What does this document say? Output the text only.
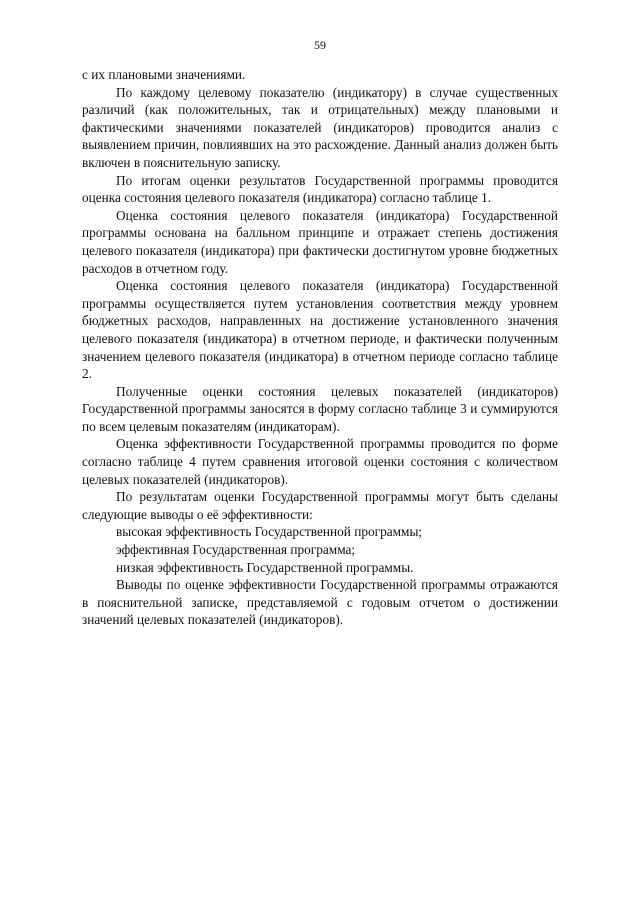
59

с их плановыми значениями.

По каждому целевому показателю (индикатору) в случае существенных различий (как положительных, так и отрицательных) между плановыми и фактическими значениями показателей (индикаторов) проводится анализ с выявлением причин, повлиявших на это расхождение. Данный анализ должен быть включен в пояснительную записку.

По итогам оценки результатов Государственной программы проводится оценка состояния целевого показателя (индикатора) согласно таблице 1.

Оценка состояния целевого показателя (индикатора) Государственной программы основана на балльном принципе и отражает степень достижения целевого показателя (индикатора) при фактически достигнутом уровне бюджетных расходов в отчетном году.

Оценка состояния целевого показателя (индикатора) Государственной программы осуществляется путем установления соответствия между уровнем бюджетных расходов, направленных на достижение установленного значения целевого показателя (индикатора) в отчетном периоде, и фактически полученным значением целевого показателя (индикатора) в отчетном периоде согласно таблице 2.

Полученные оценки состояния целевых показателей (индикаторов) Государственной программы заносятся в форму согласно таблице 3 и суммируются по всем целевым показателям (индикаторам).

Оценка эффективности Государственной программы проводится по форме согласно таблице 4 путем сравнения итоговой оценки состояния с количеством целевых показателей (индикаторов).

По результатам оценки Государственной программы могут быть сделаны следующие выводы о её эффективности:

высокая эффективность Государственной программы;

эффективная Государственная программа;

низкая эффективность Государственной программы.

Выводы по оценке эффективности Государственной программы отражаются в пояснительной записке, представляемой с годовым отчетом о достижении значений целевых показателей (индикаторов).
